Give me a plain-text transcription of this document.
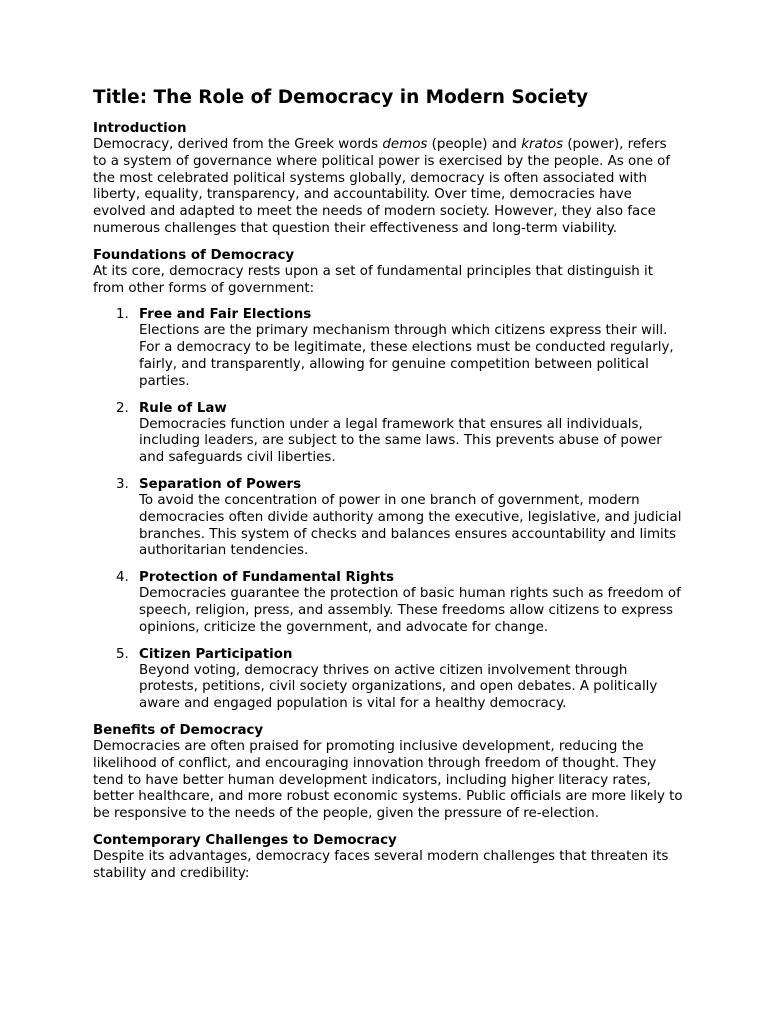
Title: The Role of Democracy in Modern Society
Introduction

Democracy, derived from the Greek words demos (people) and kratos (power), refers to a system of governance where political power is exercised by the people. As one of the most celebrated political systems globally, democracy is often associated with liberty, equality, transparency, and accountability. Over time, democracies have evolved and adapted to meet the needs of modern society. However, they also face numerous challenges that question their effectiveness and long-term viability.

Foundations of Democracy

At its core, democracy rests upon a set of fundamental principles that distinguish it from other forms of government:

1. Free and Fair Elections
Elections are the primary mechanism through which citizens express their will. For a democracy to be legitimate, these elections must be conducted regularly, fairly, and transparently, allowing for genuine competition between political parties.
2. Rule of Law
Democracies function under a legal framework that ensures all individuals, including leaders, are subject to the same laws. This prevents abuse of power and safeguards civil liberties.
3. Separation of Powers
To avoid the concentration of power in one branch of government, modern democracies often divide authority among the executive, legislative, and judicial branches. This system of checks and balances ensures accountability and limits authoritarian tendencies.
4. Protection of Fundamental Rights
Democracies guarantee the protection of basic human rights such as freedom of speech, religion, press, and assembly. These freedoms allow citizens to express opinions, criticize the government, and advocate for change.
5. Citizen Participation
Beyond voting, democracy thrives on active citizen involvement through protests, petitions, civil society organizations, and open debates. A politically aware and engaged population is vital for a healthy democracy.
Benefits of Democracy

Democracies are often praised for promoting inclusive development, reducing the likelihood of conflict, and encouraging innovation through freedom of thought. They tend to have better human development indicators, including higher literacy rates, better healthcare, and more robust economic systems. Public officials are more likely to be responsive to the needs of the people, given the pressure of re-election.

Contemporary Challenges to Democracy

Despite its advantages, democracy faces several modern challenges that threaten its stability and credibility:
